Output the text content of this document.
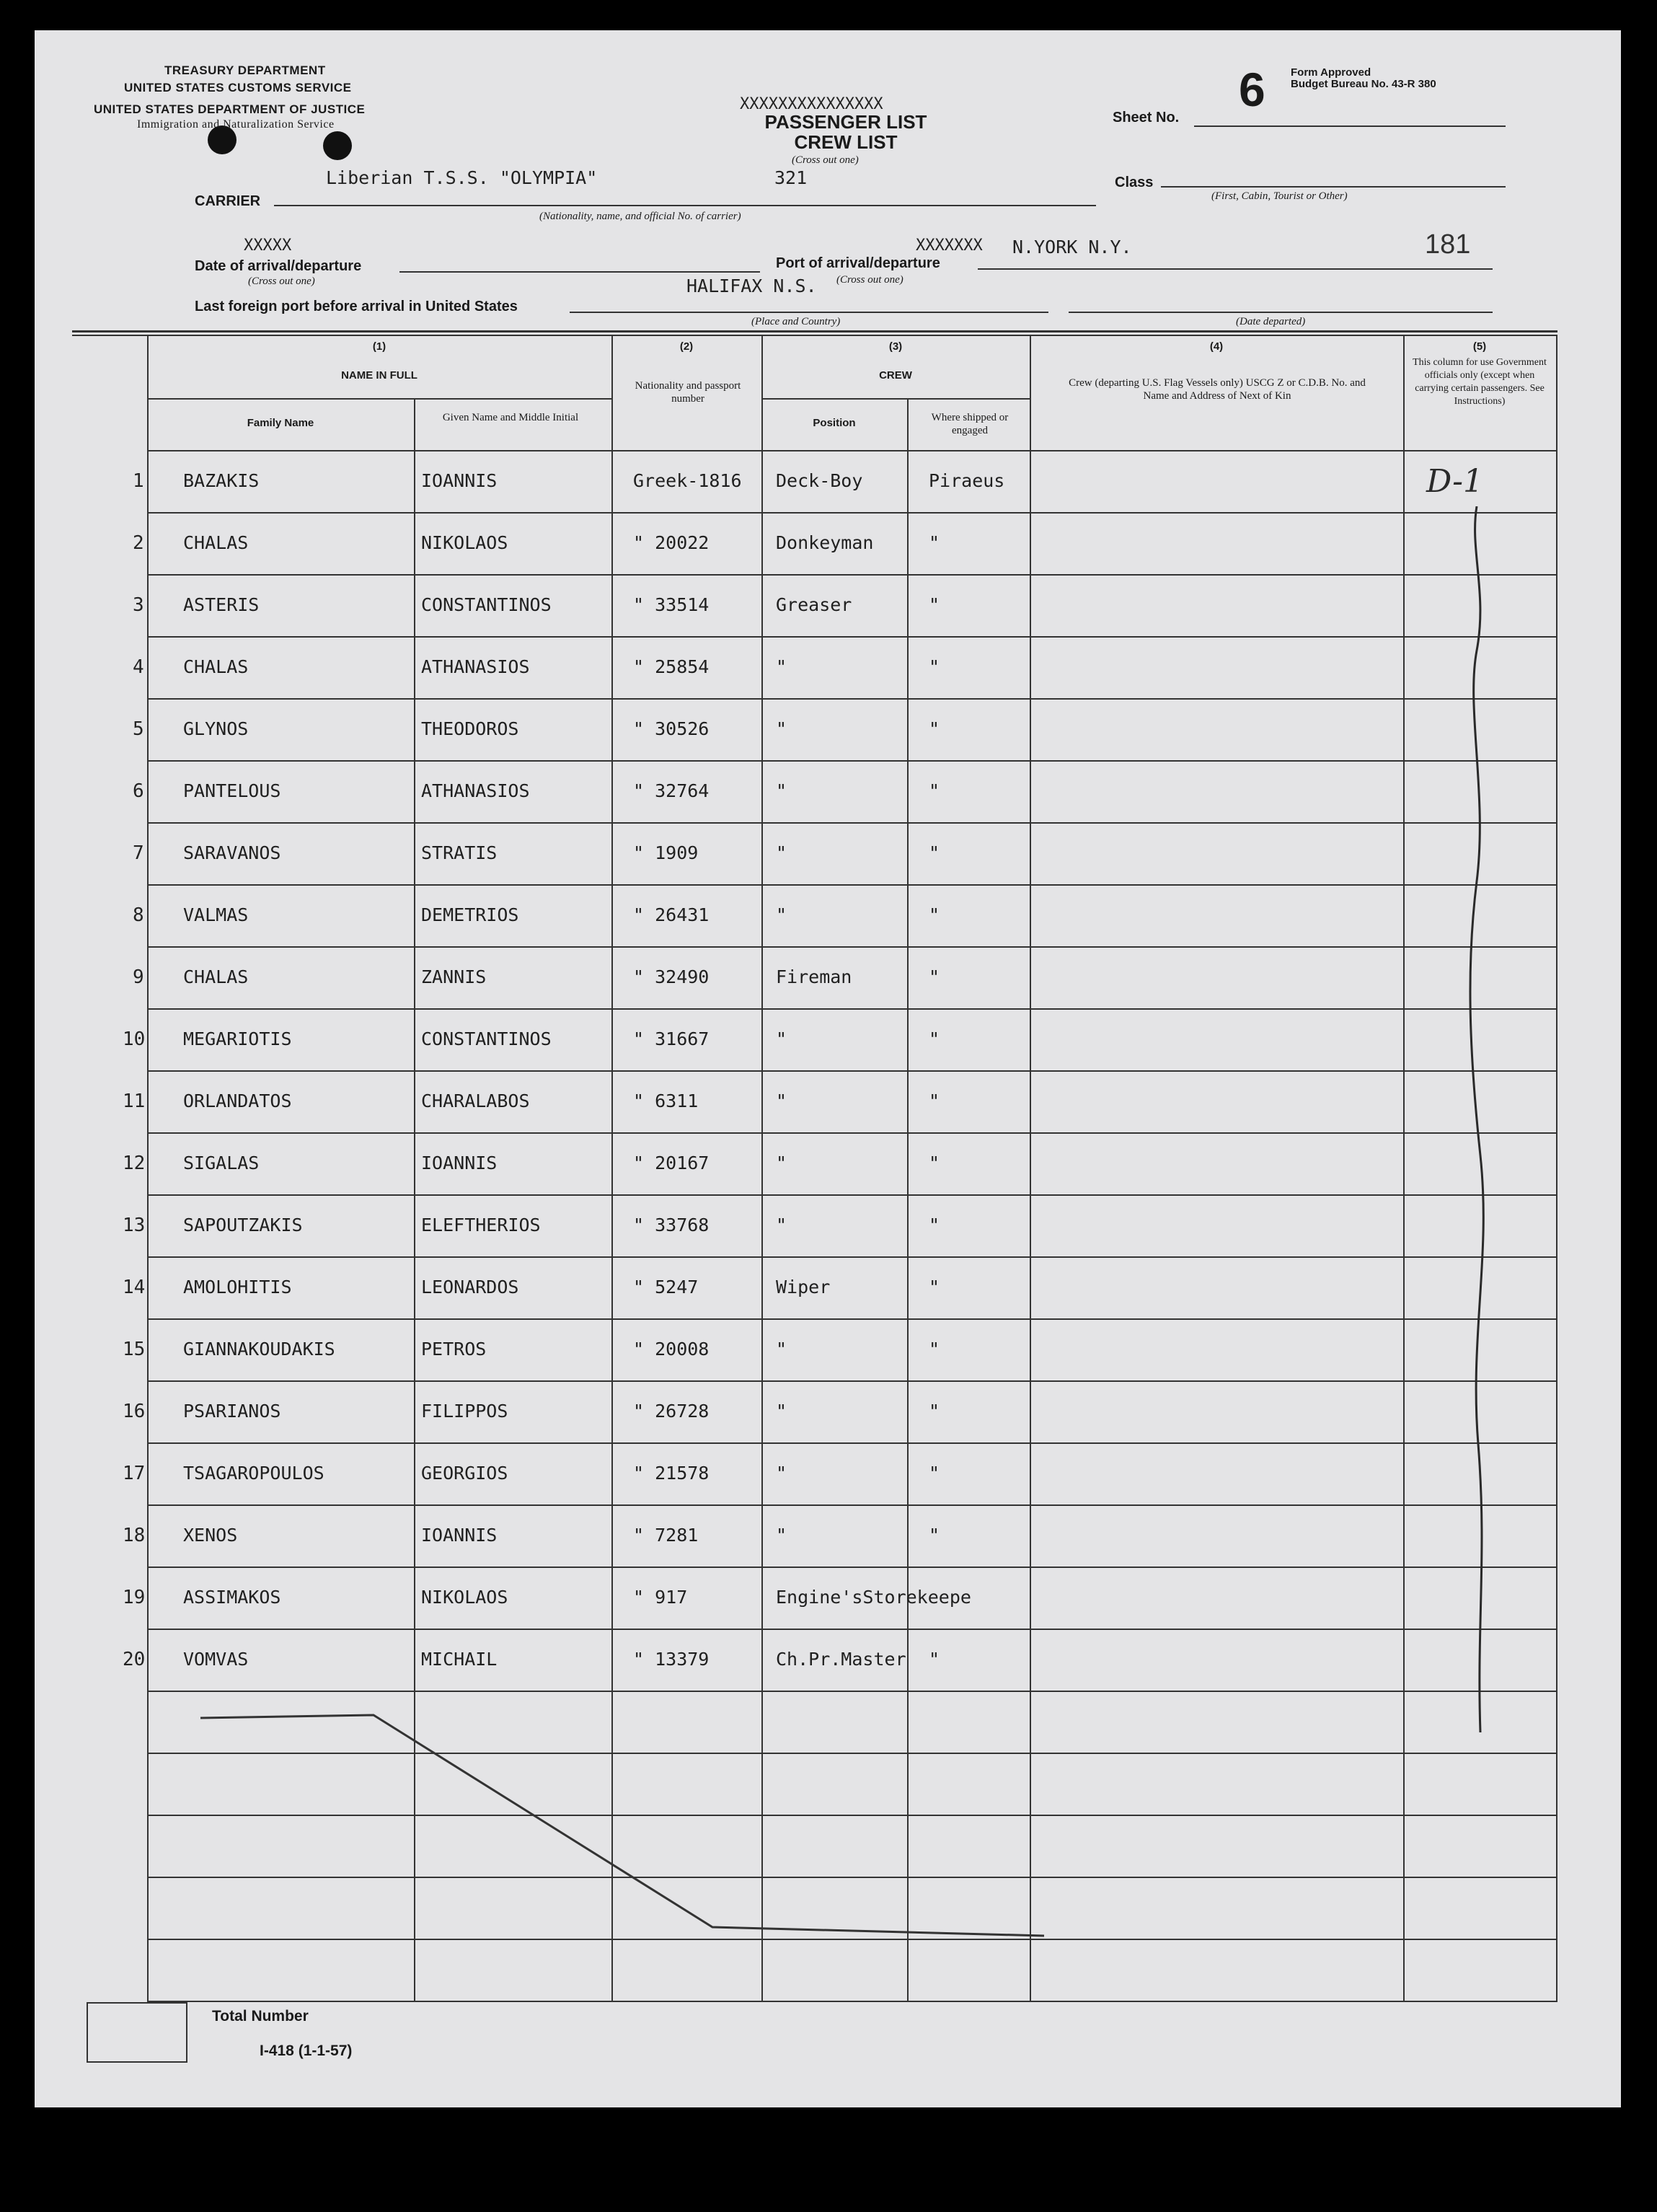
TREASURY DEPARTMENT
UNITED STATES CUSTOMS SERVICE
UNITED STATES DEPARTMENT OF JUSTICE
Immigration and Naturalization Service
XXXXXXXXXXXXXXX
PASSENGER LIST
CREW LIST
(Cross out one)
6 Form Approved
Budget Bureau No. 43-R 380
Sheet No.
Liberian T.S.S. "OLYMPIA"	321
CARRIER
(Nationality, name, and official No. of carrier)
Class
(First, Cabin, Tourist or Other)
XXXXX
Date of arrival/departure
(Cross out one)
XXXXXXX N.YORK N.Y.	181
Port of arrival/departure
(Cross out one)
Last foreign port before arrival in United States
HALIFAX N.S.
(Place and Country)	(Date departed)
(1)
NAME IN FULL
Family Name	Given Name and Middle Initial
(2)
Nationality and passport number
(3)
CREW
Position	Where shipped or engaged
(4)
Crew (departing U.S. Flag Vessels only) USCG Z or C.D.B. No. and Name and Address of Next of Kin
(5)
This column for use Government officials only (except when carrying certain passengers. See Instructions)
1 BAZAKIS	IOANNIS	Greek-1816 Deck-Boy	Piraeus
2 CHALAS	NIKOLAOS	" 20022	Donkeyman	"
3 ASTERIS	CONSTANTINOS	" 33514	Greaser	"
4 CHALAS	ATHANASIOS	" 25854	"	"
5 GLYNOS	THEODOROS	" 30526	"	"
6 PANTELOUS	ATHANASIOS	" 32764	"	"
7 SARAVANOS	STRATIS	" 1909	"	"
8 VALMAS	DEMETRIOS	" 26431	"	"
9 CHALAS	ZANNIS	" 32490	Fireman	"
10 MEGARIOTIS	CONSTANTINOS	" 31667	"	"
11 ORLANDATOS	CHARALABOS	" 6311	"	"
12 SIGALAS	IOANNIS	" 20167	"	"
13 SAPOUTZAKIS	ELEFTHERIOS	" 33768	"	"
14 AMOLOHITIS	LEONARDOS	" 5247	Wiper	"
15 GIANNAKOUDAKIS	PETROS	" 20008	"	"
16 PSARIANOS	FILIPPOS	" 26728	"	"
17 TSAGAROPOULOS	GEORGIOS	" 21578	"	"
18 XENOS	IOANNIS	" 7281	"	"
19 ASSIMAKOS	NIKOLAOS	" 917	Engine'sStorekeepe
20 VOMVAS	MICHAIL	" 13379	Ch.Pr.Master "
D-1
Total Number
I-418 (1-1-57)
